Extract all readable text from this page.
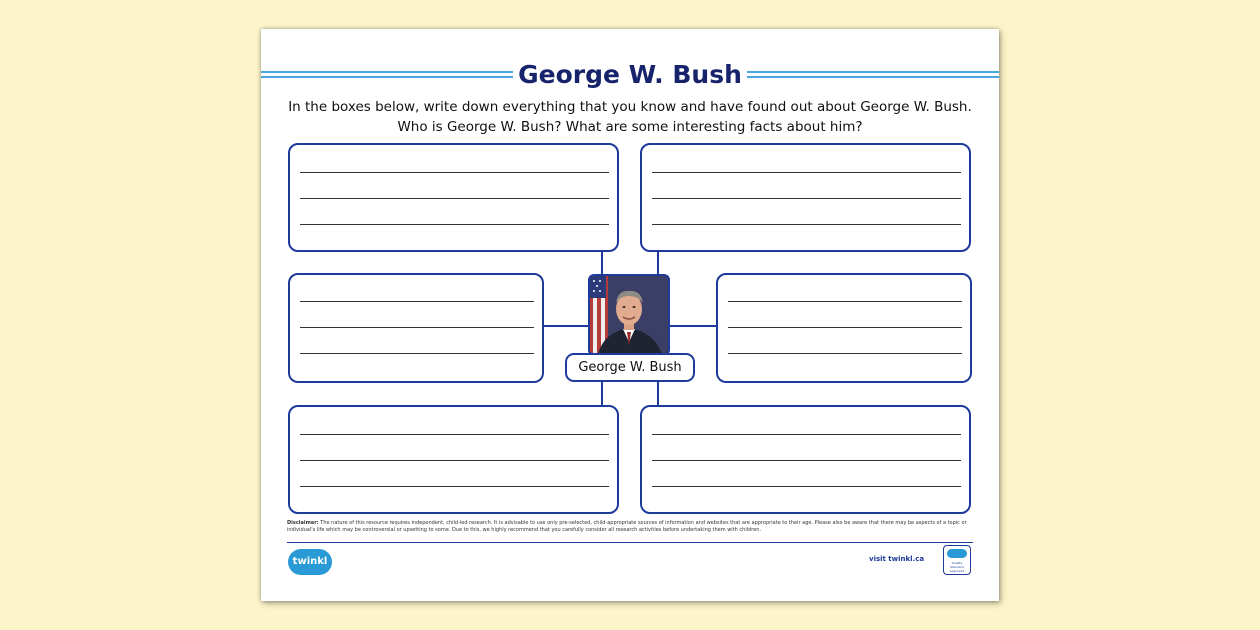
George W. Bush
In the boxes below, write down everything that you know and have found out about George W. Bush.
Who is George W. Bush? What are some interesting facts about him?
George W. Bush
Disclaimer: The nature of this resource requires independent, child-led research. It is advisable to use only pre-selected, child-appropriate sources of information and websites that are appropriate to their age. Please also be aware that there may be aspects of a topic or individual's life which may be controversial or upsetting to some. Due to this, we highly recommend that you carefully consider all research activities before undertaking them with children.
twinkl	visit twinkl.ca	Quality Standard Approved
